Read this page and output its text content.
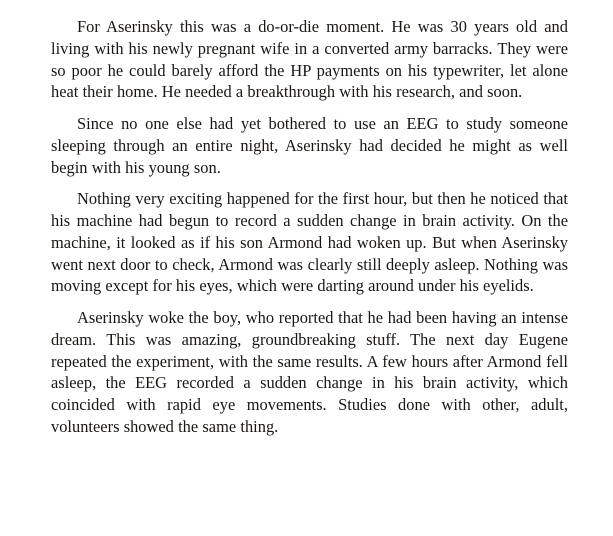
For Aserinsky this was a do-or-die moment. He was 30 years old and living with his newly pregnant wife in a converted army barracks. They were so poor he could barely afford the HP payments on his typewriter, let alone heat their home. He needed a breakthrough with his research, and soon.

Since no one else had yet bothered to use an EEG to study someone sleeping through an entire night, Aserinsky had decided he might as well begin with his young son.

Nothing very exciting happened for the first hour, but then he noticed that his machine had begun to record a sudden change in brain activity. On the machine, it looked as if his son Armond had woken up. But when Aserinsky went next door to check, Armond was clearly still deeply asleep. Nothing was moving except for his eyes, which were darting around under his eyelids.

Aserinsky woke the boy, who reported that he had been having an intense dream. This was amazing, groundbreaking stuff. The next day Eugene repeated the experiment, with the same results. A few hours after Armond fell asleep, the EEG recorded a sudden change in his brain activity, which coincided with rapid eye movements. Studies done with other, adult, volunteers showed the same thing.
